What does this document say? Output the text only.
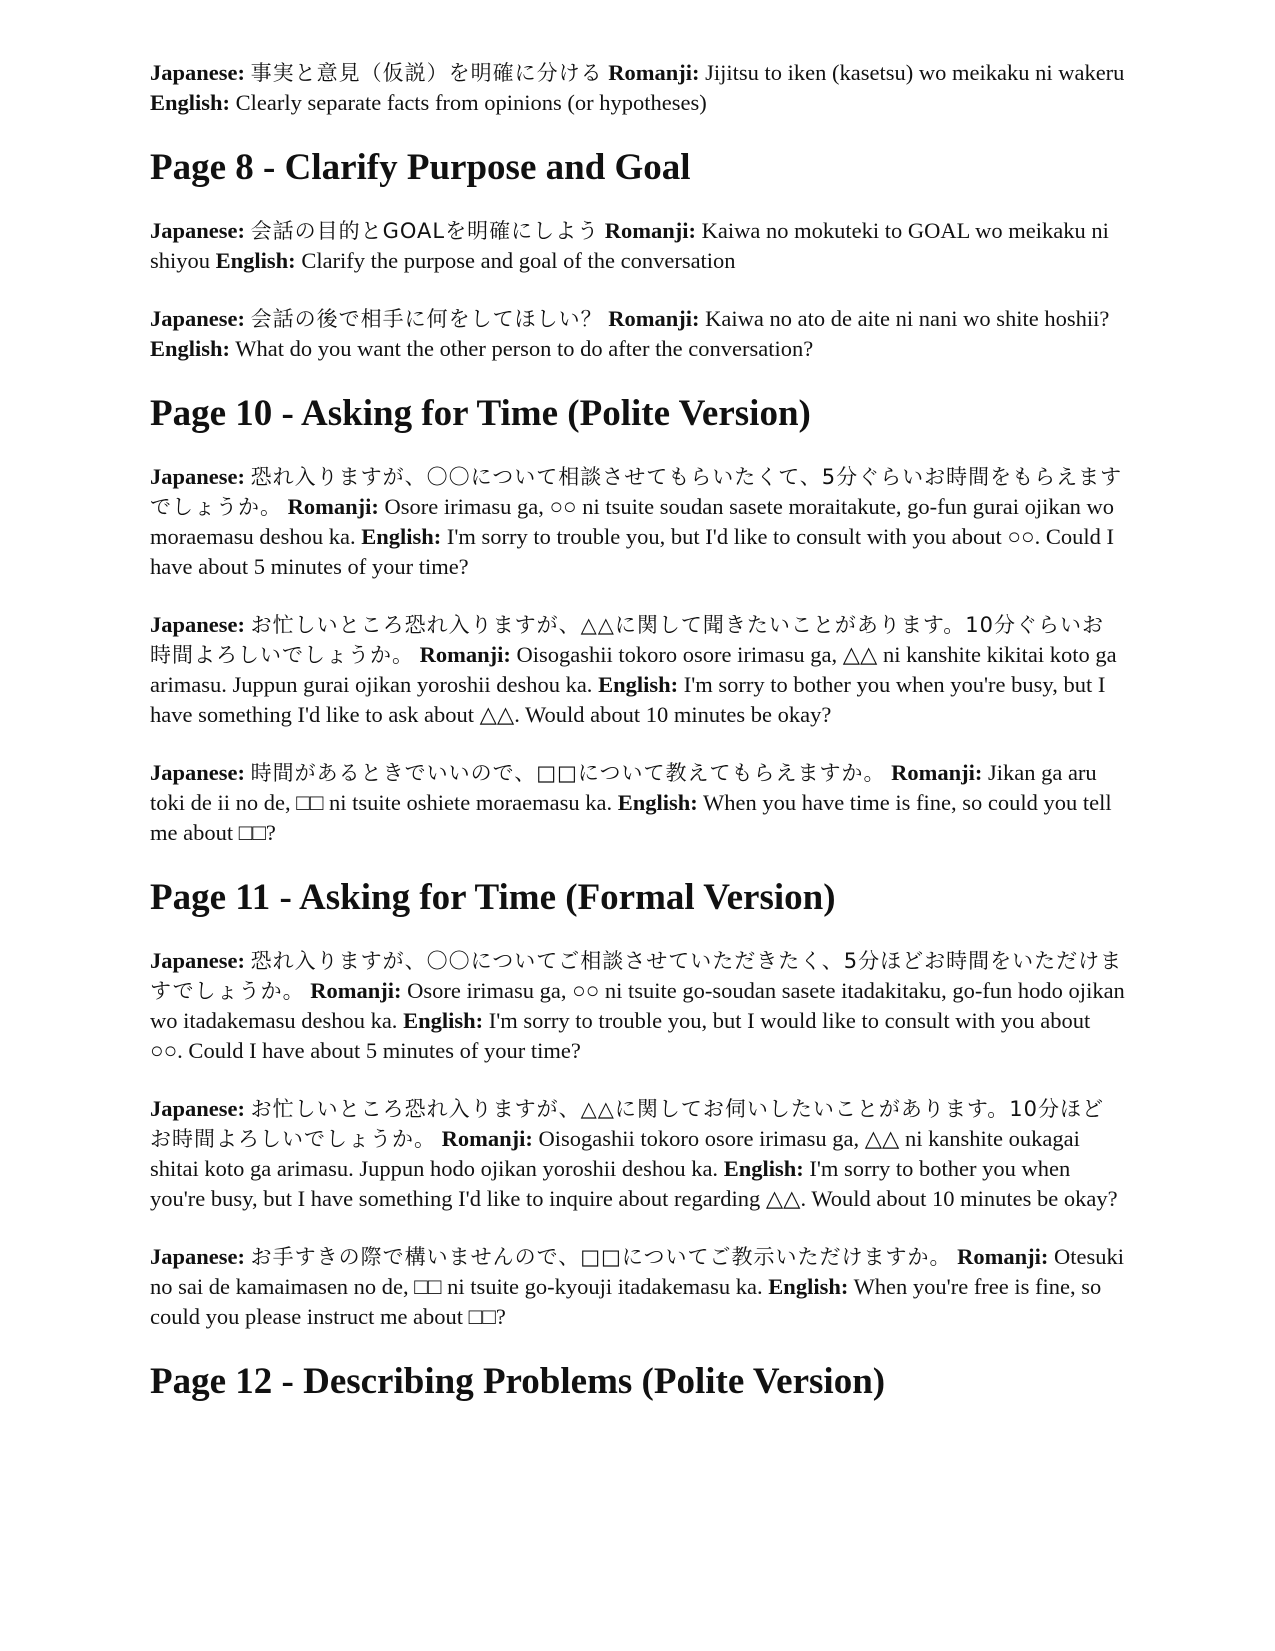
Japanese: 事実と意見（仮説）を明確に分ける Romanji: Jijitsu to iken (kasetsu) wo meikaku ni wakeru English: Clearly separate facts from opinions (or hypotheses)

Page 8 - Clarify Purpose and Goal

Japanese: 会話の目的とGOALを明確にしよう Romanji: Kaiwa no mokuteki to GOAL wo meikaku ni shiyou English: Clarify the purpose and goal of the conversation

Japanese: 会話の後で相手に何をしてほしい？ Romanji: Kaiwa no ato de aite ni nani wo shite hoshii? English: What do you want the other person to do after the conversation?

Page 10 - Asking for Time (Polite Version)

Japanese: 恐れ入りますが、〇〇について相談させてもらいたくて、5分ぐらいお時間をもらえますでしょうか。 Romanji: Osore irimasu ga, ○○ ni tsuite soudan sasete moraitakute, go-fun gurai ojikan wo moraemasu deshou ka. English: I'm sorry to trouble you, but I'd like to consult with you about ○○. Could I have about 5 minutes of your time?

Japanese: お忙しいところ恐れ入りますが、△△に関して聞きたいことがあります。10分ぐらいお時間よろしいでしょうか。 Romanji: Oisogashii tokoro osore irimasu ga, △△ ni kanshite kikitai koto ga arimasu. Juppun gurai ojikan yoroshii deshou ka. English: I'm sorry to bother you when you're busy, but I have something I'd like to ask about △△. Would about 10 minutes be okay?

Japanese: 時間があるときでいいので、□□について教えてもらえますか。 Romanji: Jikan ga aru toki de ii no de, □□ ni tsuite oshiete moraemasu ka. English: When you have time is fine, so could you tell me about □□?

Page 11 - Asking for Time (Formal Version)

Japanese: 恐れ入りますが、〇〇についてご相談させていただきたく、5分ほどお時間をいただけますでしょうか。 Romanji: Osore irimasu ga, ○○ ni tsuite go-soudan sasete itadakitaku, go-fun hodo ojikan wo itadakemasu deshou ka. English: I'm sorry to trouble you, but I would like to consult with you about ○○. Could I have about 5 minutes of your time?

Japanese: お忙しいところ恐れ入りますが、△△に関してお伺いしたいことがあります。10分ほどお時間よろしいでしょうか。 Romanji: Oisogashii tokoro osore irimasu ga, △△ ni kanshite oukagai shitai koto ga arimasu. Juppun hodo ojikan yoroshii deshou ka. English: I'm sorry to bother you when you're busy, but I have something I'd like to inquire about regarding △△. Would about 10 minutes be okay?

Japanese: お手すきの際で構いませんので、□□についてご教示いただけますか。 Romanji: Otesuki no sai de kamaimasen no de, □□ ni tsuite go-kyouji itadakemasu ka. English: When you're free is fine, so could you please instruct me about □□?

Page 12 - Describing Problems (Polite Version)
